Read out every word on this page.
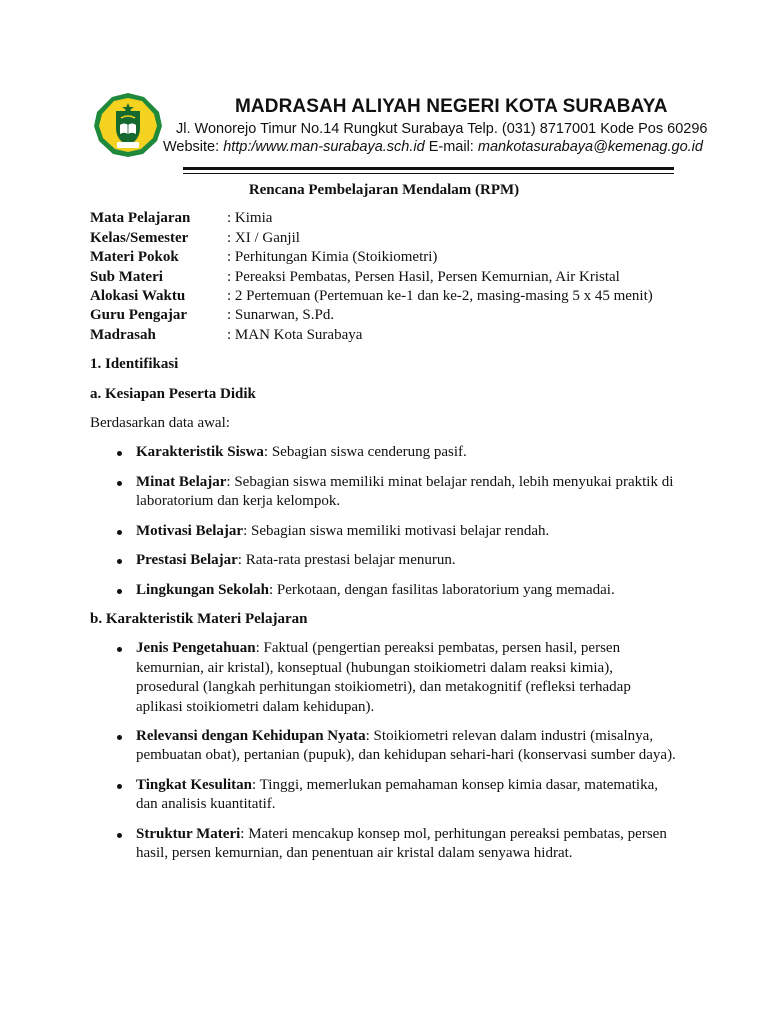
MADRASAH ALIYAH NEGERI KOTA SURABAYA
Jl. Wonorejo Timur No.14 Rungkut Surabaya Telp. (031) 8717001 Kode Pos 60296
Website: http:/www.man-surabaya.sch.id E-mail: mankotasurabaya@kemenag.go.id
Rencana Pembelajaran Mendalam (RPM)
Mata Pelajaran	: Kimia
Kelas/Semester	: XI / Ganjil
Materi Pokok	: Perhitungan Kimia (Stoikiometri)
Sub Materi	: Pereaksi Pembatas, Persen Hasil, Persen Kemurnian, Air Kristal
Alokasi Waktu	: 2 Pertemuan (Pertemuan ke-1 dan ke-2, masing-masing 5 x 45 menit)
Guru Pengajar	: Sunarwan, S.Pd.
Madrasah	: MAN Kota Surabaya
1. Identifikasi
a. Kesiapan Peserta Didik
Berdasarkan data awal:
Karakteristik Siswa: Sebagian siswa cenderung pasif.
Minat Belajar: Sebagian siswa memiliki minat belajar rendah, lebih menyukai praktik di laboratorium dan kerja kelompok.
Motivasi Belajar: Sebagian siswa memiliki motivasi belajar rendah.
Prestasi Belajar: Rata-rata prestasi belajar menurun.
Lingkungan Sekolah: Perkotaan, dengan fasilitas laboratorium yang memadai.
b. Karakteristik Materi Pelajaran
Jenis Pengetahuan: Faktual (pengertian pereaksi pembatas, persen hasil, persen kemurnian, air kristal), konseptual (hubungan stoikiometri dalam reaksi kimia), prosedural (langkah perhitungan stoikiometri), dan metakognitif (refleksi terhadap aplikasi stoikiometri dalam kehidupan).
Relevansi dengan Kehidupan Nyata: Stoikiometri relevan dalam industri (misalnya, pembuatan obat), pertanian (pupuk), dan kehidupan sehari-hari (konservasi sumber daya).
Tingkat Kesulitan: Tinggi, memerlukan pemahaman konsep kimia dasar, matematika, dan analisis kuantitatif.
Struktur Materi: Materi mencakup konsep mol, perhitungan pereaksi pembatas, persen hasil, persen kemurnian, dan penentuan air kristal dalam senyawa hidrat.
